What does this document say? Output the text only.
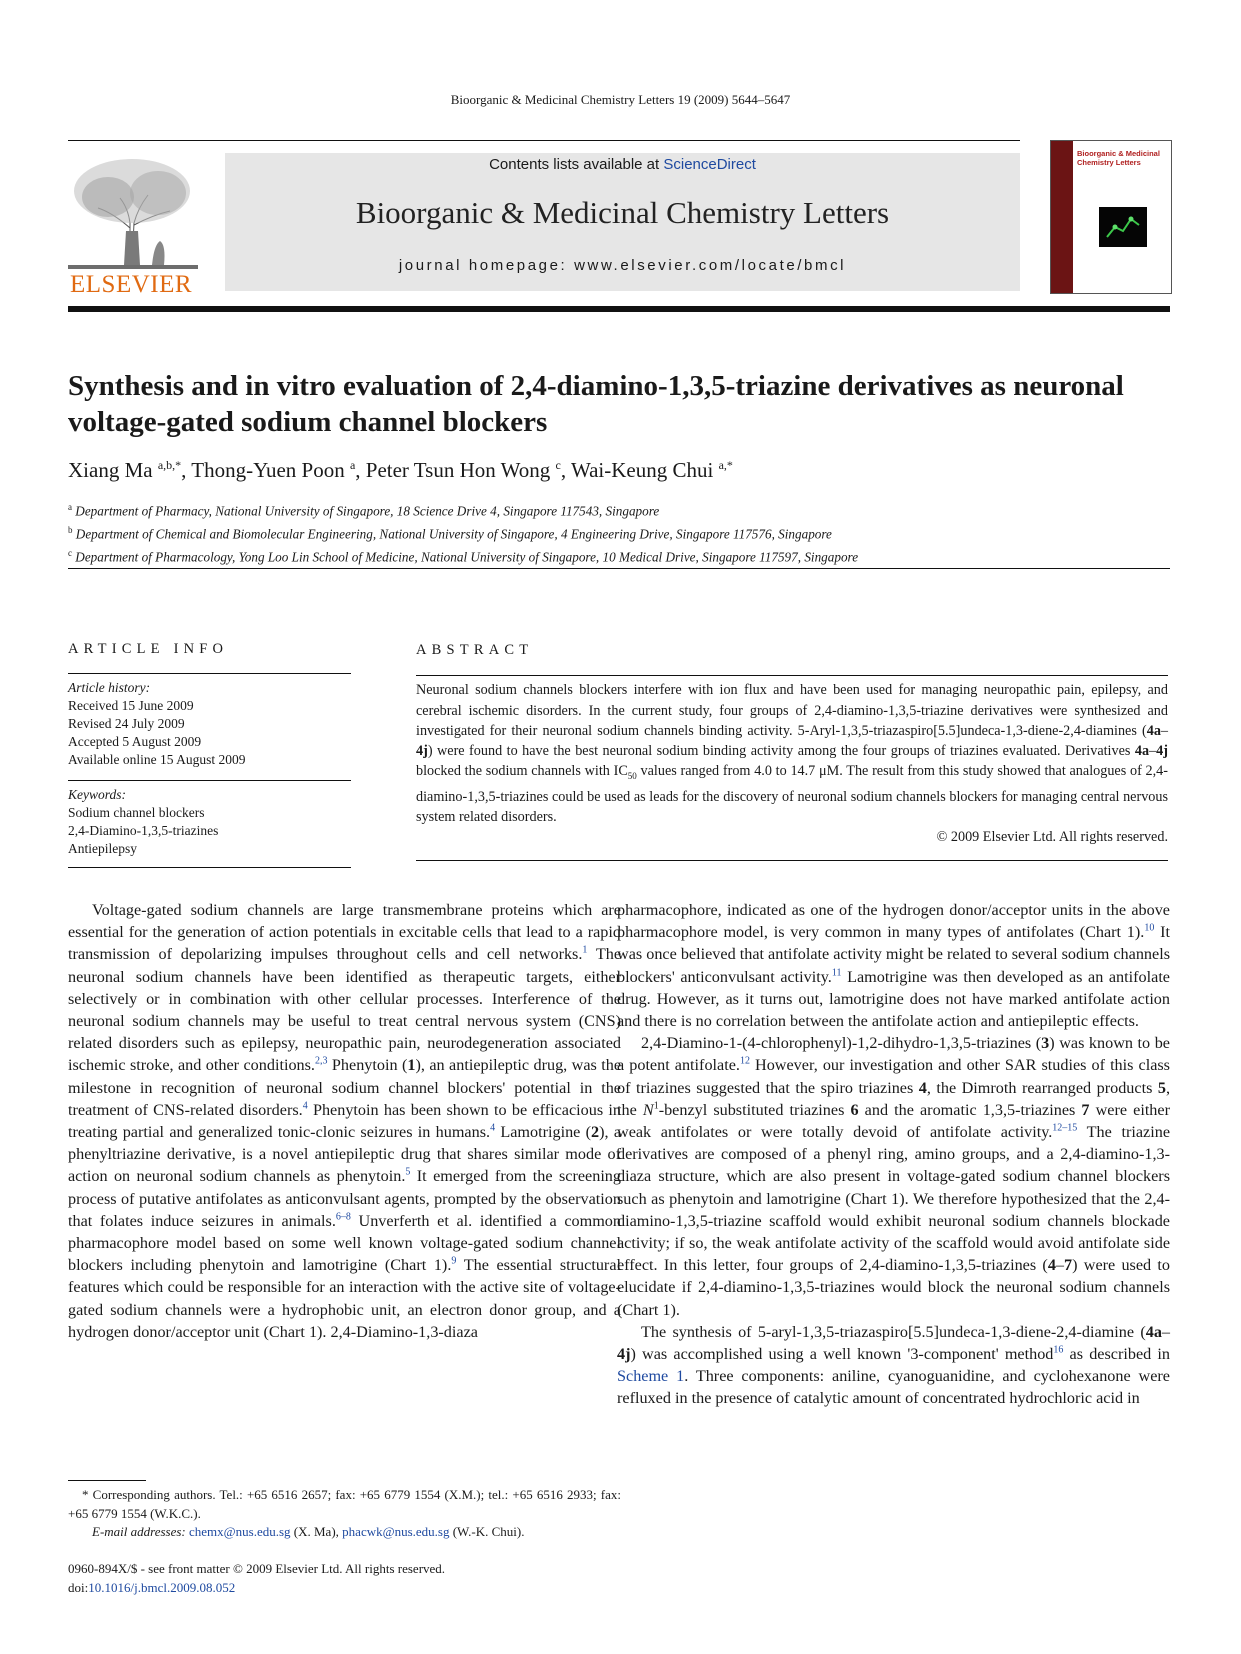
Bioorganic & Medicinal Chemistry Letters 19 (2009) 5644–5647
ELSEVIER
Contents lists available at ScienceDirect
Bioorganic & Medicinal Chemistry Letters
journal homepage: www.elsevier.com/locate/bmcl
Bioorganic & Medicinal Chemistry Letters
Synthesis and in vitro evaluation of 2,4-diamino-1,3,5-triazine derivatives as neuronal voltage-gated sodium channel blockers
Xiang Ma $^{a,b,*}$, Thong-Yuen Poon $^a$, Peter Tsun Hon Wong $^c$, Wai-Keung Chui $^{a,*}$
$^a$ Department of Pharmacy, National University of Singapore, 18 Science Drive 4, Singapore 117543, Singapore
$^b$ Department of Chemical and Biomolecular Engineering, National University of Singapore, 4 Engineering Drive, Singapore 117576, Singapore
$^c$ Department of Pharmacology, Yong Loo Lin School of Medicine, National University of Singapore, 10 Medical Drive, Singapore 117597, Singapore
ARTICLE INFO
Article history:
Received 15 June 2009
Revised 24 July 2009
Accepted 5 August 2009
Available online 15 August 2009
Keywords:
Sodium channel blockers
2,4-Diamino-1,3,5-triazines
Antiepilepsy
ABSTRACT
Neuronal sodium channels blockers interfere with ion flux and have been used for managing neuropathic pain, epilepsy, and cerebral ischemic disorders. In the current study, four groups of 2,4-diamino-1,3,5-triazine derivatives were synthesized and investigated for their neuronal sodium channels binding activity. 5-Aryl-1,3,5-triazaspiro[5.5]undeca-1,3-diene-2,4-diamines (4a–4j) were found to have the best neuronal sodium binding activity among the four groups of triazines evaluated. Derivatives 4a–4j blocked the sodium channels with $IC_{50}$ values ranged from 4.0 to 14.7 μM. The result from this study showed that analogues of 2,4-diamino-1,3,5-triazines could be used as leads for the discovery of neuronal sodium channels blockers for managing central nervous system related disorders.
© 2009 Elsevier Ltd. All rights reserved.

Voltage-gated sodium channels are large transmembrane proteins which are essential for the generation of action potentials in excitable cells that lead to a rapid transmission of depolarizing impulses throughout cells and cell networks.$^1$ The neuronal sodium channels have been identified as therapeutic targets, either selectively or in combination with other cellular processes. Interference of the neuronal sodium channels may be useful to treat central nervous system (CNS) related disorders such as epilepsy, neuropathic pain, neurodegeneration associated ischemic stroke, and other conditions.$^{2,3}$ Phenytoin (1), an antiepileptic drug, was the milestone in recognition of neuronal sodium channel blockers' potential in the treatment of CNS-related disorders.$^4$ Phenytoin has been shown to be efficacious in treating partial and generalized tonic-clonic seizures in humans.$^4$ Lamotrigine (2), a phenyltriazine derivative, is a novel antiepileptic drug that shares similar mode of action on neuronal sodium channels as phenytoin.$^5$ It emerged from the screening process of putative antifolates as anticonvulsant agents, prompted by the observation that folates induce seizures in animals.$^{6-8}$ Unverferth et al. identified a common pharmacophore model based on some well known voltage-gated sodium channel blockers including phenytoin and lamotrigine (Chart 1).$^9$ The essential structural features which could be responsible for an interaction with the active site of voltage-gated sodium channels were a hydrophobic unit, an electron donor group, and a hydrogen donor/acceptor unit (Chart 1). 2,4-Diamino-1,3-diaza

pharmacophore, indicated as one of the hydrogen donor/acceptor units in the above pharmacophore model, is very common in many types of antifolates (Chart 1).$^{10}$ It was once believed that antifolate activity might be related to several sodium channels blockers' anticonvulsant activity.$^{11}$ Lamotrigine was then developed as an antifolate drug. However, as it turns out, lamotrigine does not have marked antifolate action and there is no correlation between the antifolate action and antiepileptic effects.

2,4-Diamino-1-(4-chlorophenyl)-1,2-dihydro-1,3,5-triazines (3) was known to be a potent antifolate.$^{12}$ However, our investigation and other SAR studies of this class of triazines suggested that the spiro triazines 4, the Dimroth rearranged products 5, the $N^1$-benzyl substituted triazines 6 and the aromatic 1,3,5-triazines 7 were either weak antifolates or were totally devoid of antifolate activity.$^{12-15}$ The triazine derivatives are composed of a phenyl ring, amino groups, and a 2,4-diamino-1,3-diaza structure, which are also present in voltage-gated sodium channel blockers such as phenytoin and lamotrigine (Chart 1). We therefore hypothesized that the 2,4-diamino-1,3,5-triazine scaffold would exhibit neuronal sodium channels blockade activity; if so, the weak antifolate activity of the scaffold would avoid antifolate side effect. In this letter, four groups of 2,4-diamino-1,3,5-triazines (4–7) were used to elucidate if 2,4-diamino-1,3,5-triazines would block the neuronal sodium channels (Chart 1).

The synthesis of 5-aryl-1,3,5-triazaspiro[5.5]undeca-1,3-diene-2,4-diamine (4a–4j) was accomplished using a well known '3-component' method$^{16}$ as described in Scheme 1. Three components: aniline, cyanoguanidine, and cyclohexanone were refluxed in the presence of catalytic amount of concentrated hydrochloric acid in

* Corresponding authors. Tel.: +65 6516 2657; fax: +65 6779 1554 (X.M.); tel.: +65 6516 2933; fax: +65 6779 1554 (W.K.C.).
E-mail addresses: chemx@nus.edu.sg (X. Ma), phacwk@nus.edu.sg (W.-K. Chui).
0960-894X/$ - see front matter © 2009 Elsevier Ltd. All rights reserved.
doi:10.1016/j.bmcl.2009.08.052
